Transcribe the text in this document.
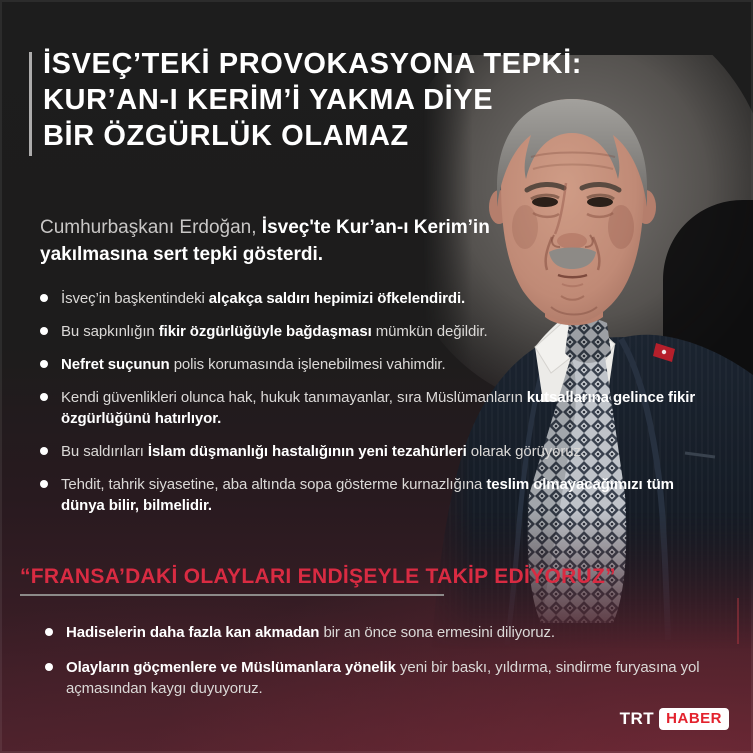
İSVEÇ’TEKİ PROVOKASYONA TEPKİ:
KUR’AN-I KERİM’İ YAKMA DİYE
BİR ÖZGÜRLÜK OLAMAZ

Cumhurbaşkanı Erdoğan, İsveç'te Kur’an-ı Kerim’in yakılmasına sert tepki gösterdi.

İsveç’in başkentindeki alçakça saldırı hepimizi öfkelendirdi.
Bu sapkınlığın fikir özgürlüğüyle bağdaşması mümkün değildir.
Nefret suçunun polis korumasında işlenebilmesi vahimdir.
Kendi güvenlikleri olunca hak, hukuk tanımayanlar, sıra Müslümanların kutsallarına gelince fikir özgürlüğünü hatırlıyor.
Bu saldırıları İslam düşmanlığı hastalığının yeni tezahürleri olarak görüyoruz.
Tehdit, tahrik siyasetine, aba altında sopa gösterme kurnazlığına teslim olmayacağımızı tüm dünya bilir, bilmelidir.
“FRANSA’DAKİ OLAYLARI ENDİŞEYLE TAKİP EDİYORUZ”
Hadiselerin daha fazla kan akmadan bir an önce sona ermesini diliyoruz.
Olayların göçmenlere ve Müslümanlara yönelik yeni bir baskı, yıldırma, sindirme furyasına yol açmasından kaygı duyuyoruz.
TRT HABER
